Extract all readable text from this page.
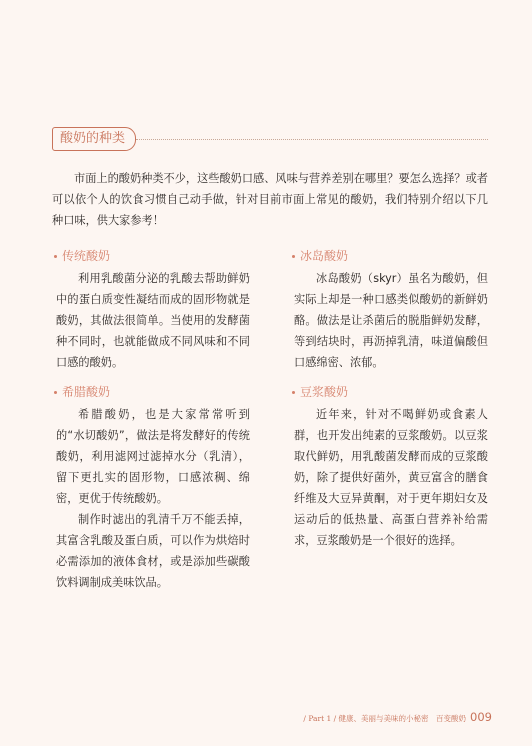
酸奶的种类

市面上的酸奶种类不少，这些酸奶口感、风味与营养差别在哪里？要怎么选择？或者可以依个人的饮食习惯自己动手做，针对目前市面上常见的酸奶，我们特别介绍以下几种口味，供大家参考！

传统酸奶

利用乳酸菌分泌的乳酸去帮助鲜奶中的蛋白质变性凝结而成的固形物就是酸奶，其做法很简单。当使用的发酵菌种不同时，也就能做成不同风味和不同口感的酸奶。

冰岛酸奶

冰岛酸奶（skyr）虽名为酸奶，但实际上却是一种口感类似酸奶的新鲜奶酪。做法是让杀菌后的脱脂鲜奶发酵，等到结块时，再沥掉乳清，味道偏酸但口感绵密、浓郁。

希腊酸奶

希腊酸奶，也是大家常常听到的“水切酸奶”，做法是将发酵好的传统酸奶，利用滤网过滤掉水分（乳清），留下更扎实的固形物，口感浓稠、绵密，更优于传统酸奶。

制作时滤出的乳清千万不能丢掉，其富含乳酸及蛋白质，可以作为烘焙时必需添加的液体食材，或是添加些碳酸饮料调制成美味饮品。

豆浆酸奶

近年来，针对不喝鲜奶或食素人群，也开发出纯素的豆浆酸奶。以豆浆取代鲜奶，用乳酸菌发酵而成的豆浆酸奶，除了提供好菌外，黄豆富含的膳食纤维及大豆异黄酮，对于更年期妇女及运动后的低热量、高蛋白营养补给需求，豆浆酸奶是一个很好的选择。

/ Part 1 / 健康、美丽与美味的小秘密　百变酸奶 009
